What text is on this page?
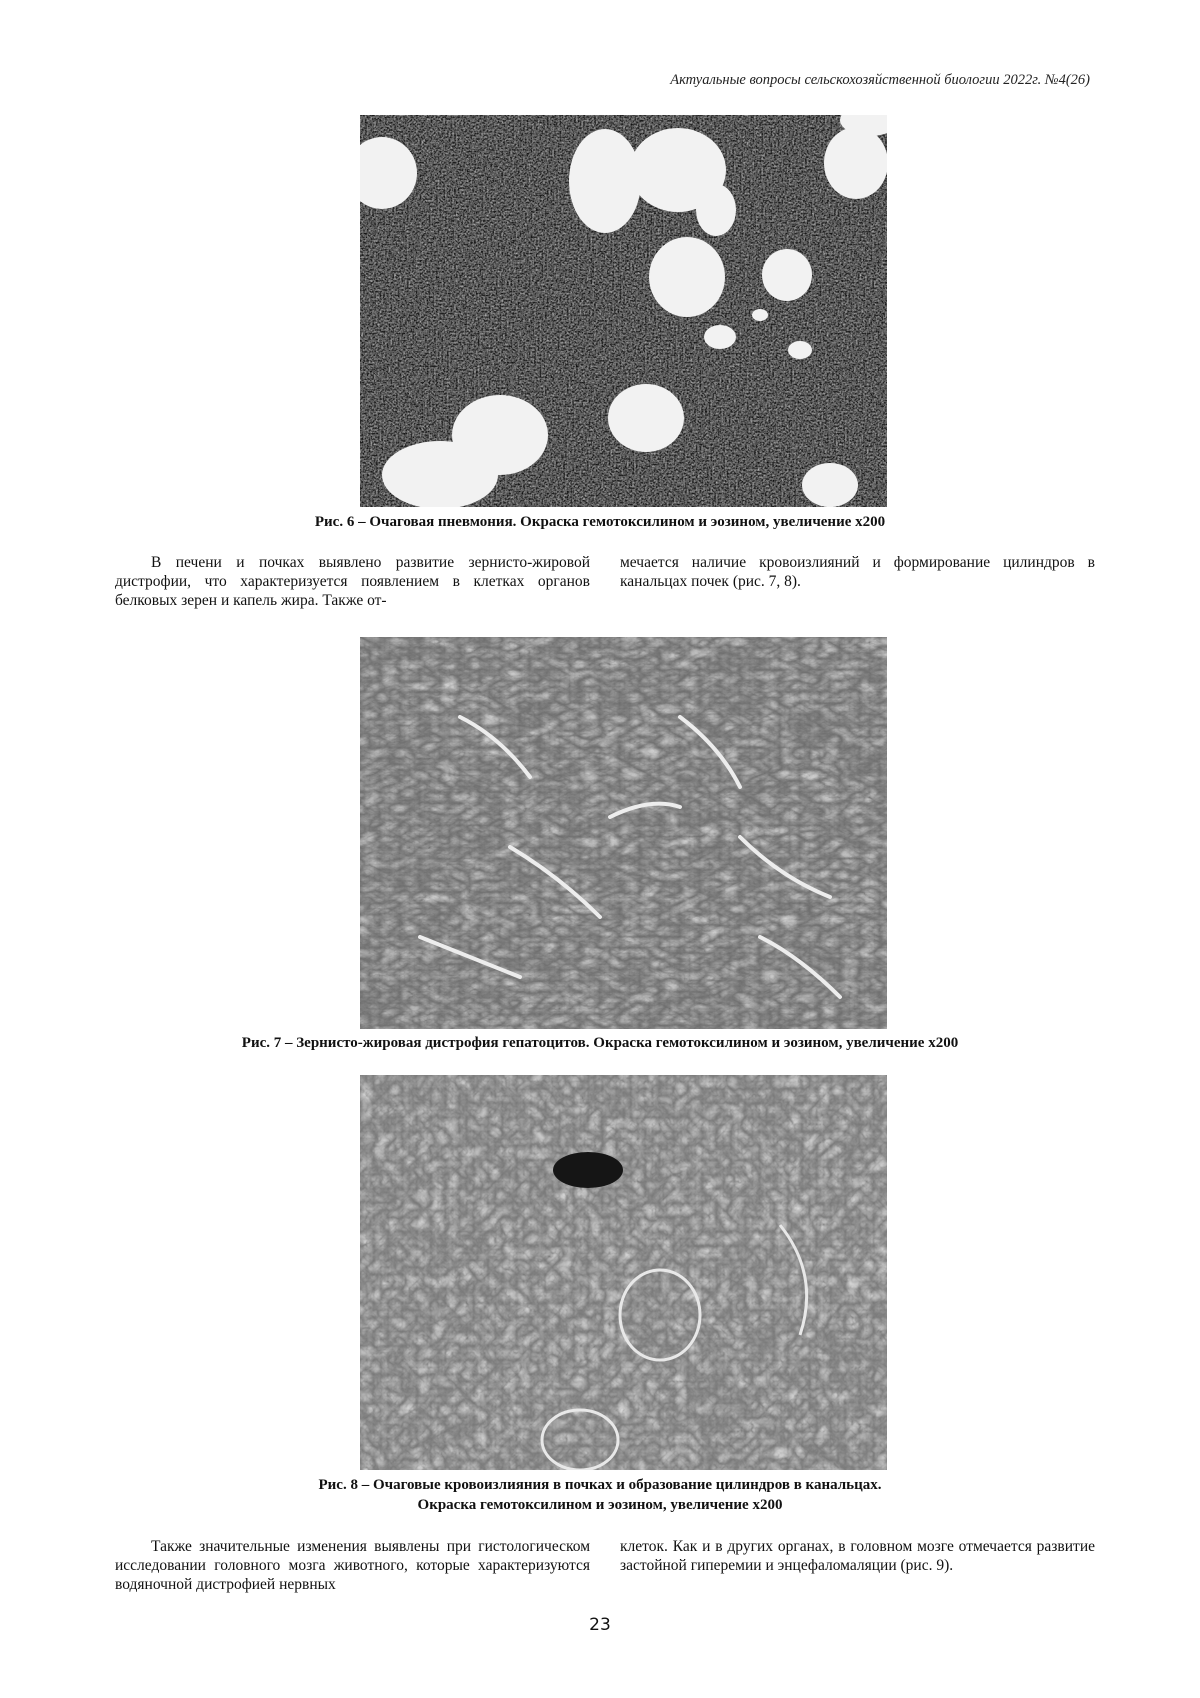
Актуальные вопросы сельскохозяйственной биологии 2022г. №4(26)
Рис. 6 – Очаговая пневмония. Окраска гемотоксилином и эозином, увеличение х200
В печени и почках выявлено развитие зернисто-жировой дистрофии, что характеризуется появлением в клетках органов белковых зерен и капель жира. Также от-
мечается наличие кровоизлияний и формирование цилиндров в канальцах почек (рис. 7, 8).
Рис. 7 – Зернисто-жировая дистрофия гепатоцитов. Окраска гемотоксилином и эозином, увеличение х200
Рис. 8 – Очаговые кровоизлияния в почках и образование цилиндров в канальцах.
Окраска гемотоксилином и эозином, увеличение х200
Также значительные изменения выявлены при гистологическом исследовании головного мозга животного, которые характеризуются водяночной дистрофией нервных
клеток. Как и в других органах, в головном мозге отмечается развитие застойной гиперемии и энцефаломаляции (рис. 9).
23
